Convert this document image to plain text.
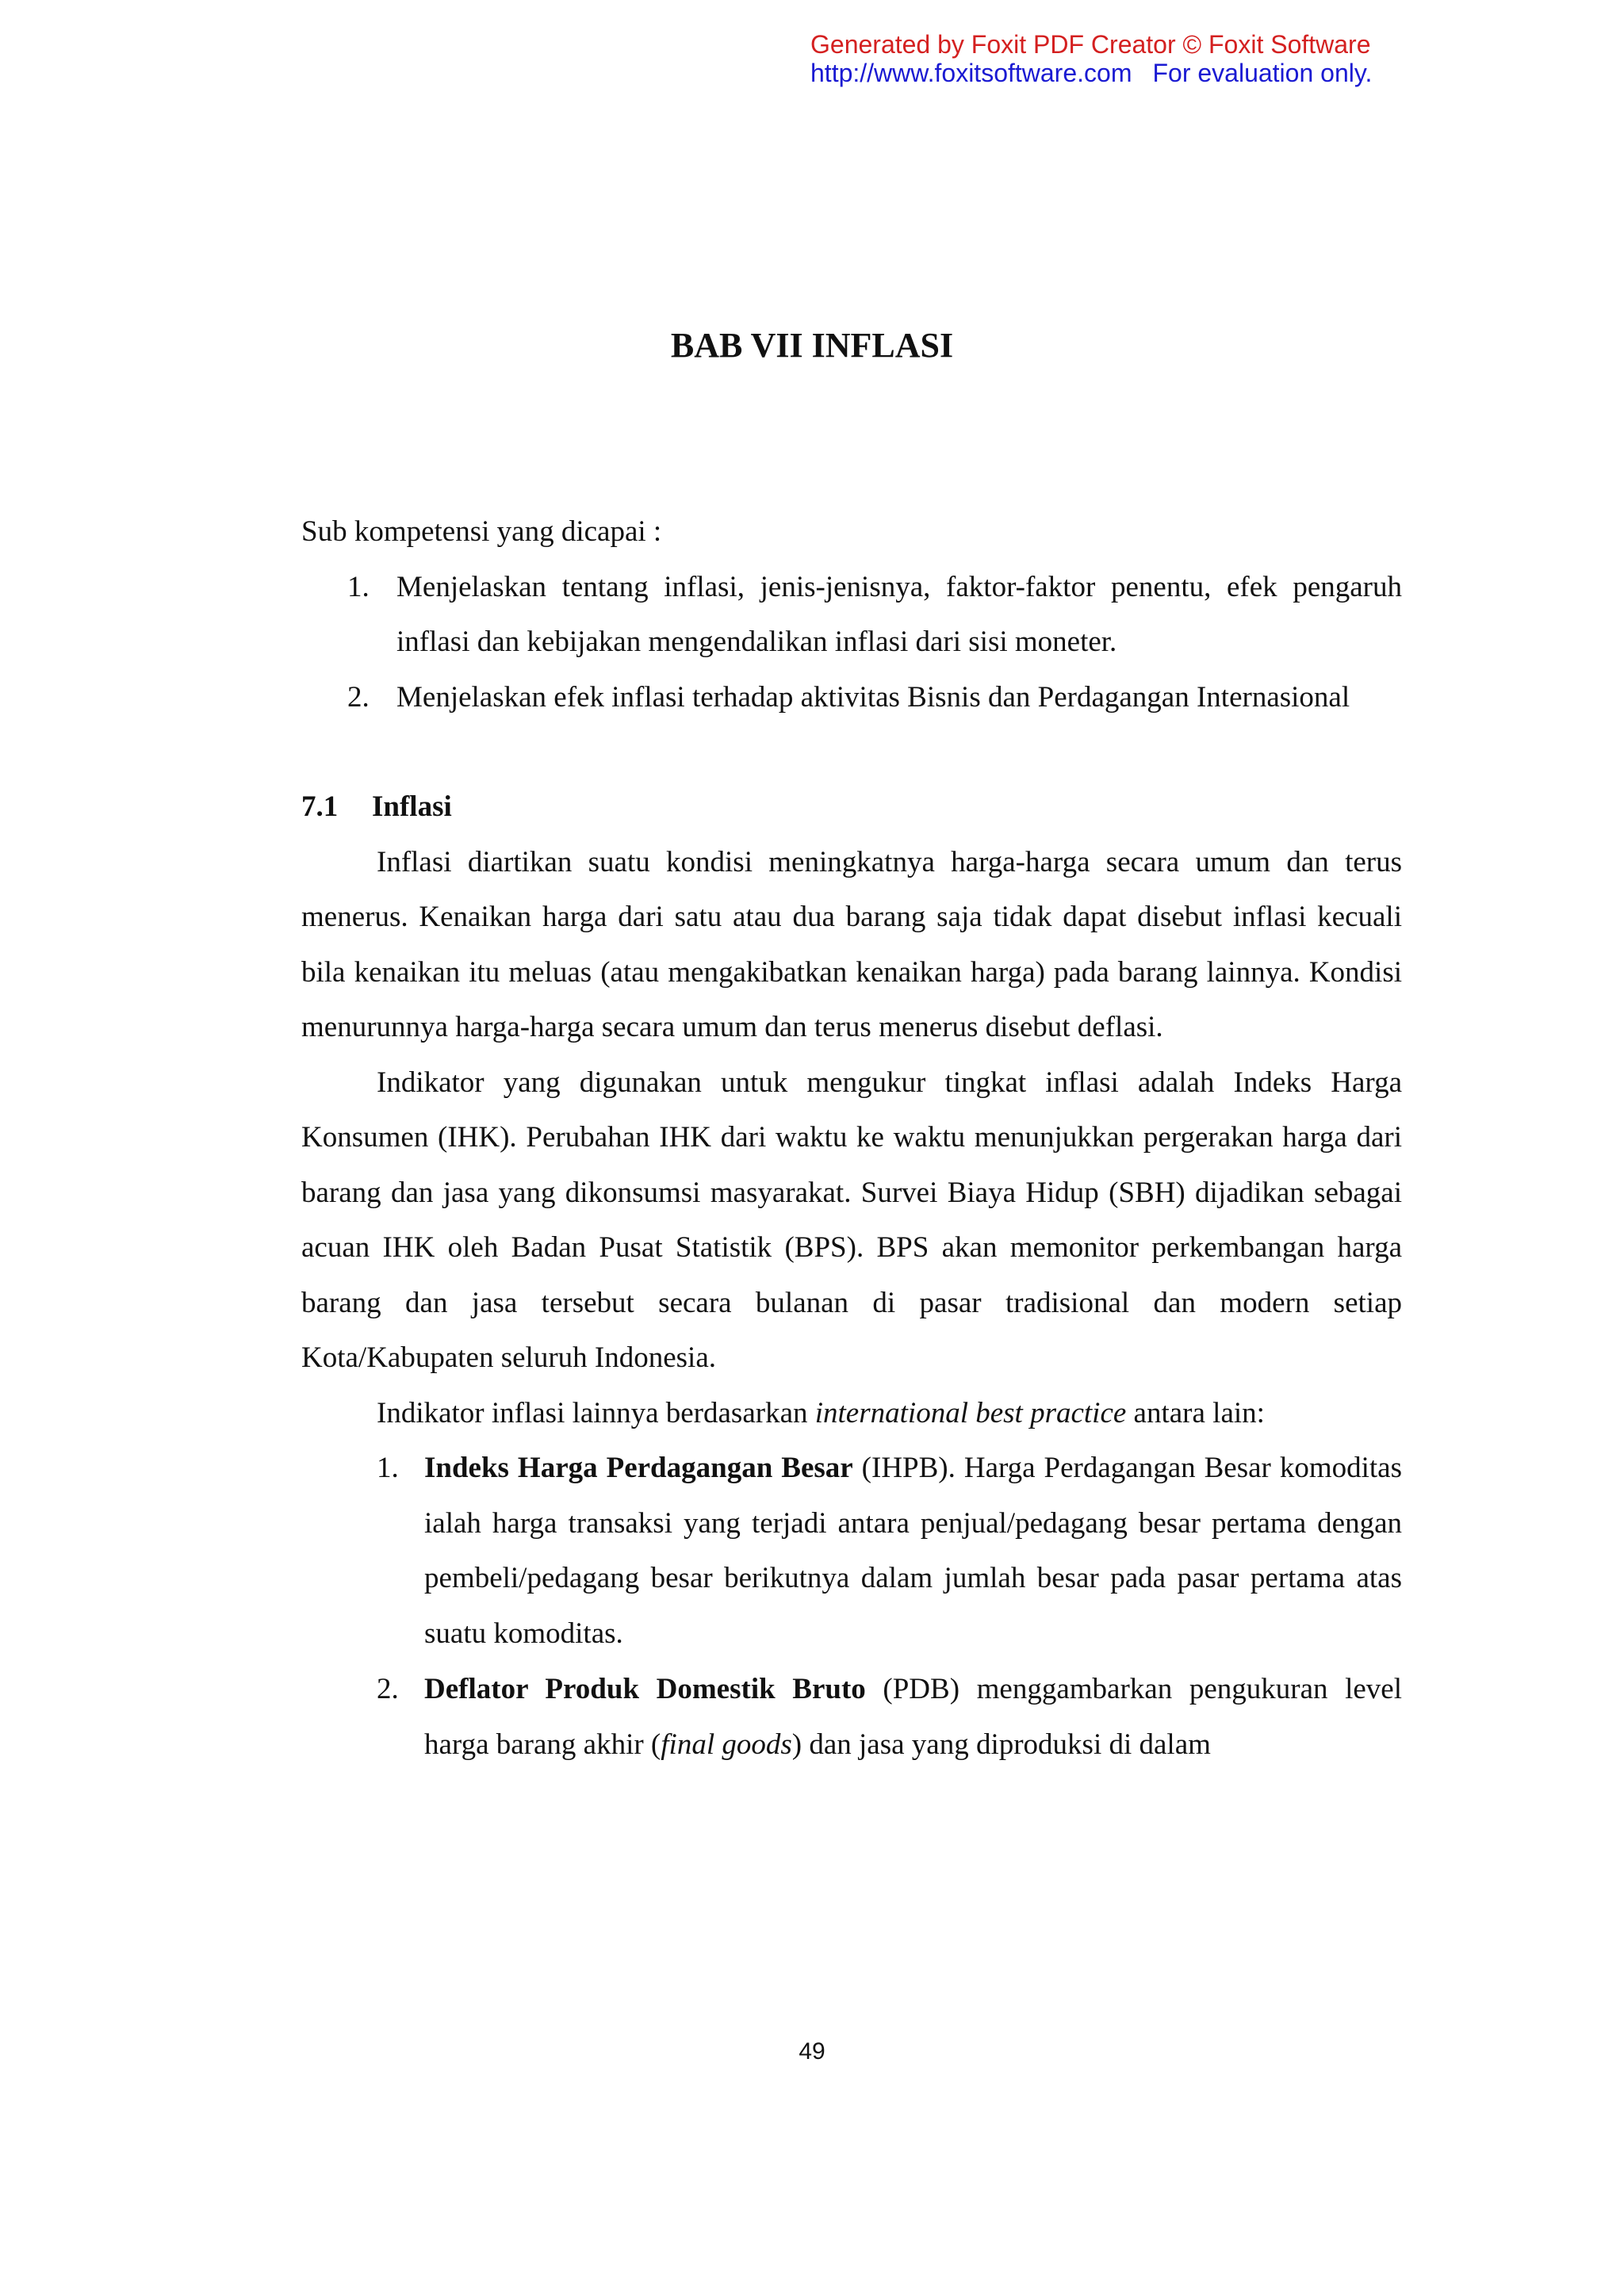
Generated by Foxit PDF Creator © Foxit Software
http://www.foxitsoftware.com For evaluation only.
BAB VII INFLASI

Sub kompetensi yang dicapai :

1. Menjelaskan tentang inflasi, jenis-jenisnya, faktor-faktor penentu, efek pengaruh inflasi dan kebijakan mengendalikan inflasi dari sisi moneter.
2. Menjelaskan efek inflasi terhadap aktivitas Bisnis dan Perdagangan Internasional

7.1 Inflasi

Inflasi diartikan suatu kondisi meningkatnya harga-harga secara umum dan terus menerus. Kenaikan harga dari satu atau dua barang saja tidak dapat disebut inflasi kecuali bila kenaikan itu meluas (atau mengakibatkan kenaikan harga) pada barang lainnya. Kondisi menurunnya harga-harga secara umum dan terus menerus disebut deflasi.

Indikator yang digunakan untuk mengukur tingkat inflasi adalah Indeks Harga Konsumen (IHK). Perubahan IHK dari waktu ke waktu menunjukkan pergerakan harga dari barang dan jasa yang dikonsumsi masyarakat. Survei Biaya Hidup (SBH) dijadikan sebagai acuan IHK oleh Badan Pusat Statistik (BPS). BPS akan memonitor perkembangan harga barang dan jasa tersebut secara bulanan di pasar tradisional dan modern setiap Kota/Kabupaten seluruh Indonesia.

Indikator inflasi lainnya berdasarkan international best practice antara lain:

1. Indeks Harga Perdagangan Besar (IHPB). Harga Perdagangan Besar komoditas ialah harga transaksi yang terjadi antara penjual/pedagang besar pertama dengan pembeli/pedagang besar berikutnya dalam jumlah besar pada pasar pertama atas suatu komoditas.
2. Deflator Produk Domestik Bruto (PDB) menggambarkan pengukuran level harga barang akhir (final goods) dan jasa yang diproduksi di dalam
49
